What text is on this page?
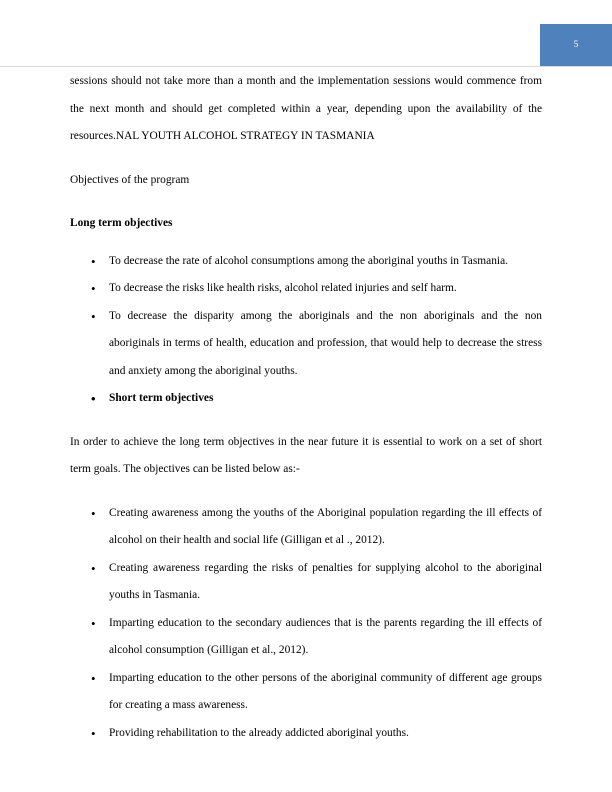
5

sessions should not take more than a month and the implementation sessions would commence from the next month and should get completed within a year, depending upon the availability of the resources.NAL YOUTH ALCOHOL STRATEGY IN TASMANIA

Objectives of the program

Long term objectives

• To decrease the rate of alcohol consumptions among the aboriginal youths in Tasmania.
• To decrease the risks like health risks, alcohol related injuries and self harm.
• To decrease the disparity among the aboriginals and the non aboriginals and the non aboriginals in terms of health, education and profession, that would help to decrease the stress and anxiety among the aboriginal youths.
• Short term objectives

In order to achieve the long term objectives in the near future it is essential to work on a set of short term goals. The objectives can be listed below as:-

• Creating awareness among the youths of the Aboriginal population regarding the ill effects of alcohol on their health and social life (Gilligan et al ., 2012).
• Creating awareness regarding the risks of penalties for supplying alcohol to the aboriginal youths in Tasmania.
• Imparting education to the secondary audiences that is the parents regarding the ill effects of alcohol consumption (Gilligan et al., 2012).
• Imparting education to the other persons of the aboriginal community of different age groups for creating a mass awareness.
• Providing rehabilitation to the already addicted aboriginal youths.
